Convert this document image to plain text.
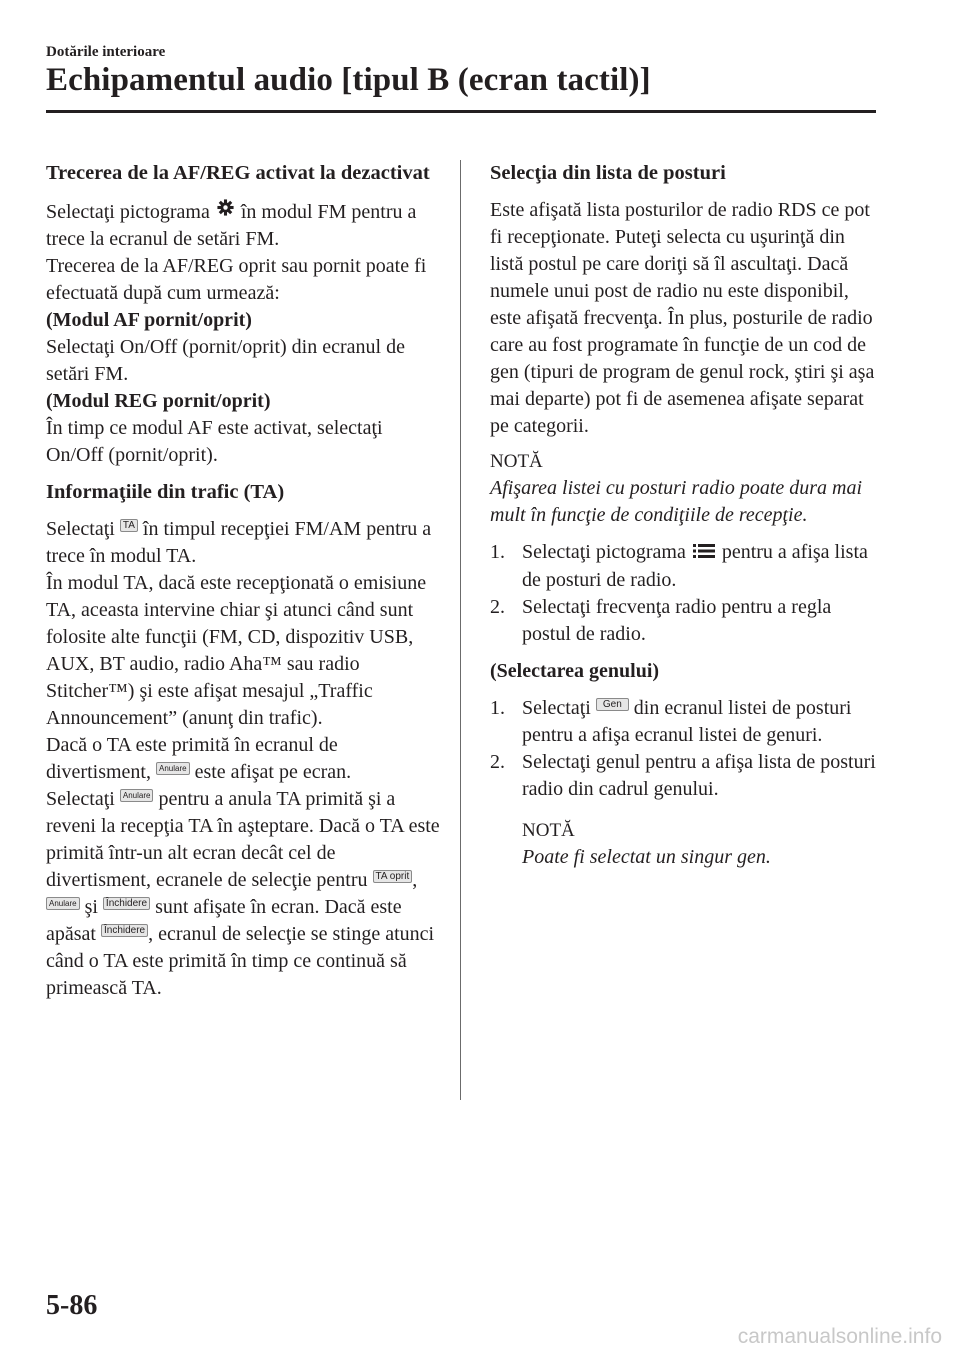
Dotările interioare
Echipamentul audio [tipul B (ecran tactil)]
Trecerea de la AF/REG activat la dezactivat

Selectaţi pictograma în modul FM pentru a trece la ecranul de setări FM.

Trecerea de la AF/REG oprit sau pornit poate fi efectuată după cum urmează:

(Modul AF pornit/oprit)

Selectaţi On/Off (pornit/oprit) din ecranul de setări FM.

(Modul REG pornit/oprit)

În timp ce modul AF este activat, selectaţi On/Off (pornit/oprit).

Informaţiile din trafic (TA)

Selectaţi TA în timpul recepţiei FM/AM pentru a trece în modul TA.

În modul TA, dacă este recepţionată o emisiune TA, aceasta intervine chiar şi atunci când sunt folosite alte funcţii (FM, CD, dispozitiv USB, AUX, BT audio, radio Aha™ sau radio Stitcher™) şi este afişat mesajul „Traffic Announcement” (anunţ din trafic).

Dacă o TA este primită în ecranul de divertisment, Anulare este afişat pe ecran.

Selectaţi Anulare pentru a anula TA primită şi a reveni la recepţia TA în aşteptare. Dacă o TA este primită într-un alt ecran decât cel de divertisment, ecranele de selecţie pentru TA oprit , Anulare şi Închidere sunt afişate în ecran. Dacă este apăsat Închidere , ecranul de selecţie se stinge atunci când o TA este primită în timp ce continuă să primească TA.

Selecţia din lista de posturi

Este afişată lista posturilor de radio RDS ce pot fi recepţionate. Puteţi selecta cu uşurinţă din listă postul pe care doriţi să îl ascultaţi. Dacă numele unui post de radio nu este disponibil, este afişată frecvenţa. În plus, posturile de radio care au fost programate în funcţie de un cod de gen (tipuri de program de genul rock, ştiri şi aşa mai departe) pot fi de asemenea afişate separat pe categorii.

NOTĂ

Afişarea listei cu posturi radio poate dura mai mult în funcţie de condiţiile de recepţie.

1. Selectaţi pictograma pentru a afişa lista de posturi de radio.
2. Selectaţi frecvenţa radio pentru a regla postul de radio.

(Selectarea genului)

1. Selectaţi Gen din ecranul listei de posturi pentru a afişa ecranul listei de genuri.
2. Selectaţi genul pentru a afişa lista de posturi radio din cadrul genului.
NOTĂ

Poate fi selectat un singur gen.

5-86
carmanualsonline.info
